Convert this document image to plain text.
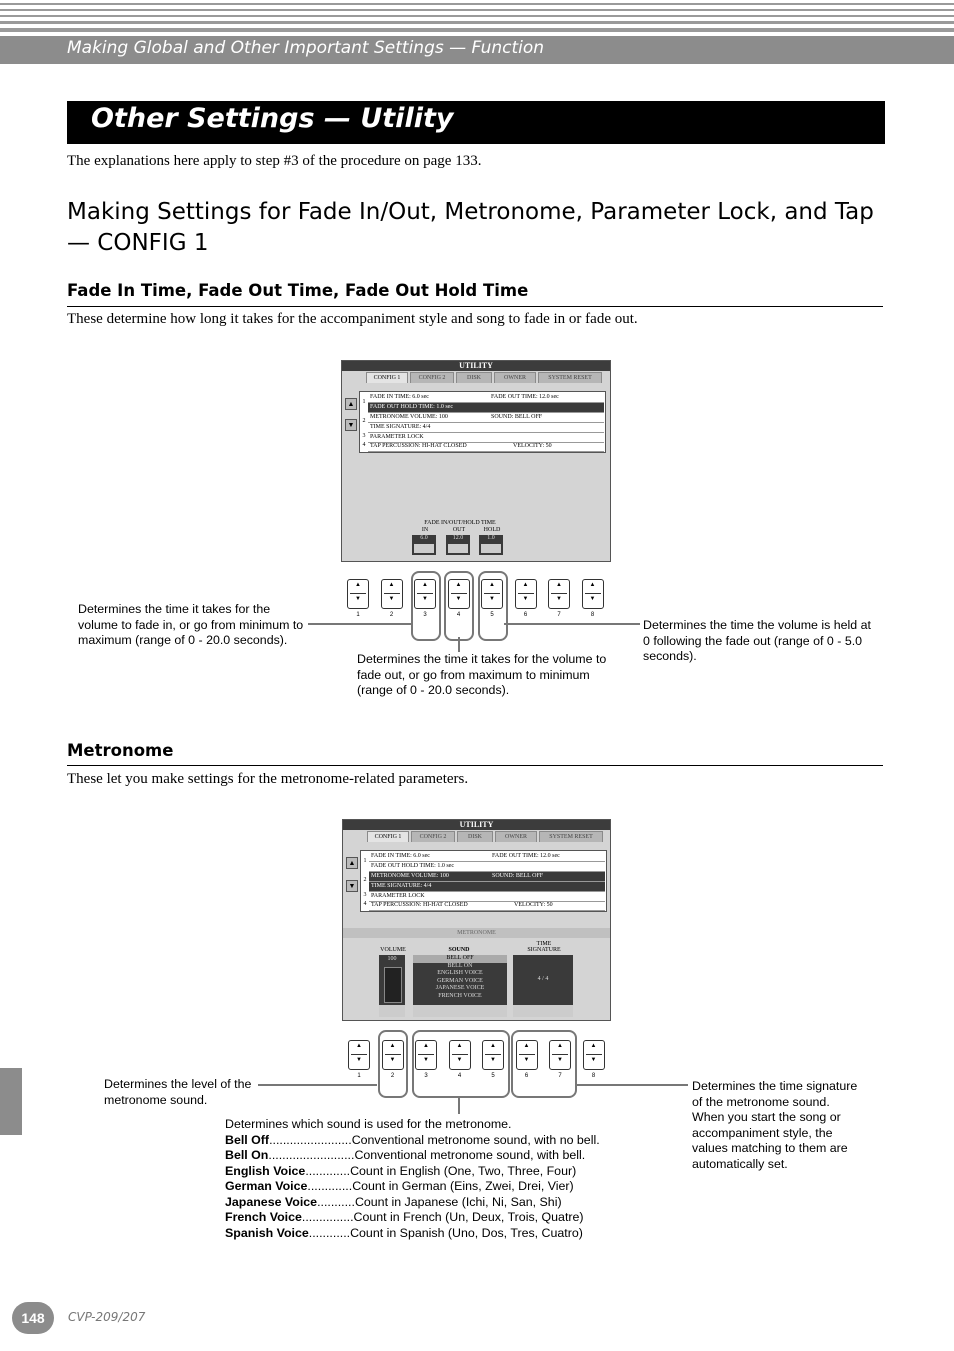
Making Global and Other Important Settings — Function
Other Settings — Utility
The explanations here apply to step #3 of the procedure on page 133.
Making Settings for Fade In/Out, Metronome, Parameter Lock, and Tap — CONFIG 1
Fade In Time, Fade Out Time, Fade Out Hold Time
These determine how long it takes for the accompaniment style and song to fade in or fade out.
UTILITY
CONFIG 1	CONFIG 2	DISK	OWNER	SYSTEM RESET
▲
▼
1
FADE IN TIME: 6.0 sec	FADE OUT TIME: 12.0 sec
FADE OUT HOLD TIME: 1.0 sec
2
METRONOME VOLUME: 100	SOUND: BELL OFF
TIME SIGNATURE: 4/4
3 PARAMETER LOCK
4 TAP PERCUSSION: HI-HAT CLOSED	VELOCITY: 50
FADE IN/OUT/HOLD TIME
IN	OUT	HOLD
6.0	12.0	1.0
▲
▼
1
▲
▼
2
▲
▼
3
▲
▼
4
▲
▼
5
▲
▼
6
▲
▼
7
▲
▼
8
Determines the time it takes for the volume to fade in, or go from minimum to maximum (range of 0 - 20.0 seconds).
Determines the time it takes for the volume to fade out, or go from maximum to minimum (range of 0 - 20.0 seconds).
Determines the time the volume is held at 0 following the fade out (range of 0 - 5.0 seconds).
Metronome
These let you make settings for the metronome-related parameters.
UTILITY
CONFIG 1	CONFIG 2	DISK	OWNER	SYSTEM RESET
▲
▼
1
FADE IN TIME: 6.0 sec	FADE OUT TIME: 12.0 sec
FADE OUT HOLD TIME: 1.0 sec
2
METRONOME VOLUME: 100	SOUND: BELL OFF
TIME SIGNATURE: 4/4
3 PARAMETER LOCK
4 TAP PERCUSSION: HI-HAT CLOSED	VELOCITY: 50
METRONOME
VOLUME
100
SOUND
BELL OFF
BELL ON
ENGLISH VOICE
GERMAN VOICE
JAPANESE VOICE
FRENCH VOICE
TIME
SIGNATURE
4 / 4
▲
▼
1
▲
▼
2
▲
▼
3
▲
▼
4
▲
▼
5
▲
▼
6
▲
▼
7
▲
▼
8
Determines the level of the metronome sound.
Determines the time signature of the metronome sound. When you start the song or accompaniment style, the values matching to them are automatically set.
Determines which sound is used for the metronome.
Bell Off ........................ Conventional metronome sound, with no bell.
Bell On ......................... Conventional metronome sound, with bell.
English Voice ............. Count in English (One, Two, Three, Four)
German Voice ............. Count in German (Eins, Zwei, Drei, Vier)
Japanese Voice ........... Count in Japanese (Ichi, Ni, San, Shi)
French Voice ............... Count in French (Un, Deux, Trois, Quatre)
Spanish Voice ............ Count in Spanish (Uno, Dos, Tres, Cuatro)
148	CVP-209/207
